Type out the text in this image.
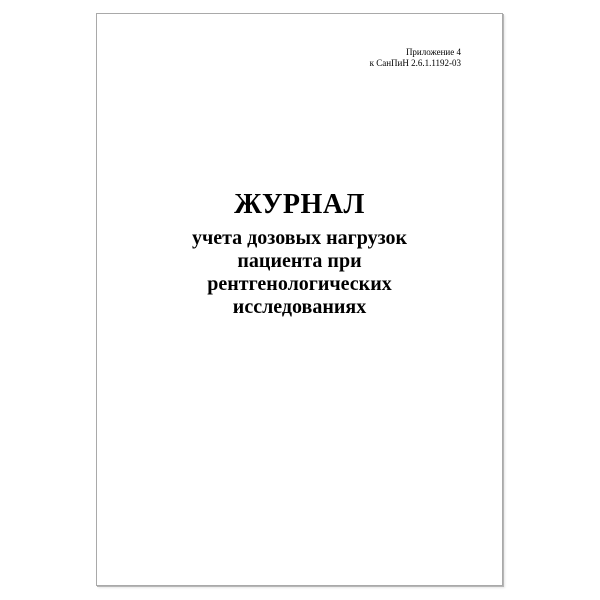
Приложение 4
к СанПиН 2.6.1.1192-03
ЖУРНАЛ
учета дозовых нагрузок
пациента при
рентгенологических
исследованиях
